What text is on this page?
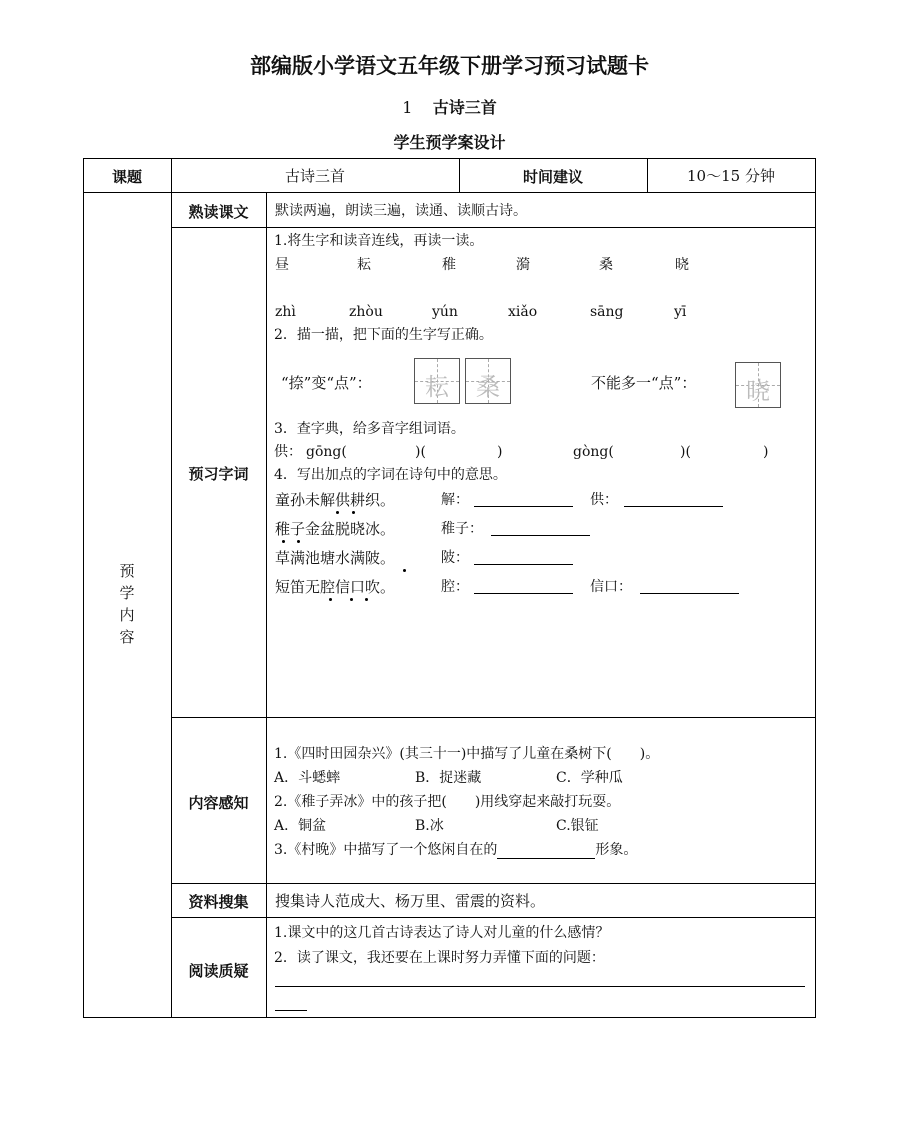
部编版小学语文五年级下册学习预习试题卡
1 古诗三首
学生预学案设计
课题	古诗三首	时间建议	10～15 分钟
预学内容
熟读课文	默读两遍，朗读三遍，读通、读顺古诗。
预习字词
1.将生字和读音连线，再读一读。
昼	耘	稚	漪	桑	晓
zhì	zhòu	yún	xiǎo	sāng	yī
2．描一描，把下面的生字写正确。
“捺”变“点”：	耘	桑	不能多一“点”：	晓
3．查字典，给多音字组词语。
供： gōng(	)(	)	gòng(	)(	)
4．写出加点的字词在诗句中的意思。
童孙未解供耕织。	解：	供：
稚子金盆脱晓冰。	稚子：
草满池塘水满陂。	陂：
短笛无腔信口吹。	腔：	信口：
内容感知
1.《四时田园杂兴》(其三十一)中描写了儿童在桑树下(　　)。
A．斗蟋蟀	B．捉迷藏	C．学种瓜
2.《稚子弄冰》中的孩子把(　　)用线穿起来敲打玩耍。
A．铜盆	B.冰	C.银钲
3.《村晚》中描写了一个悠闲自在的	形象。
资料搜集	搜集诗人范成大、杨万里、雷震的资料。
阅读质疑
1.课文中的这几首古诗表达了诗人对儿童的什么感情？
2．读了课文，我还要在上课时努力弄懂下面的问题：
